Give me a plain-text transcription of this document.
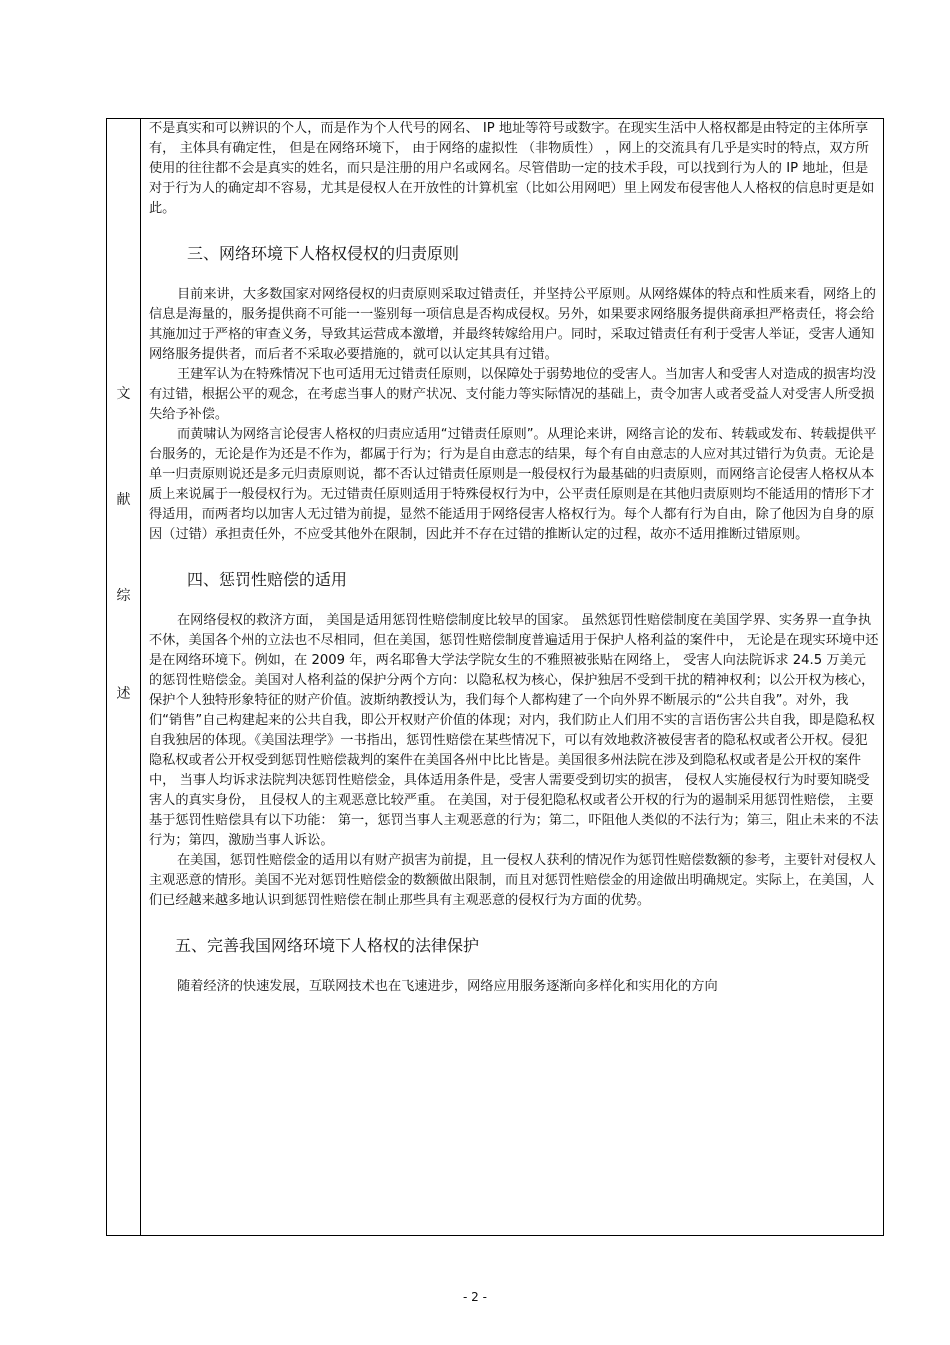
文
献
综
述

不是真实和可以辨识的个人，而是作为个人代号的网名、 IP 地址等符号或数字。在现实生活中人格权都是由特定的主体所享有， 主体具有确定性， 但是在网络环境下， 由于网络的虚拟性 （非物质性） ，网上的交流具有几乎是实时的特点，双方所使用的往往都不会是真实的姓名，而只是注册的用户名或网名。尽管借助一定的技术手段，可以找到行为人的 IP 地址，但是对于行为人的确定却不容易，尤其是侵权人在开放性的计算机室（比如公用网吧）里上网发布侵害他人人格权的信息时更是如此。

三、网络环境下人格权侵权的归责原则

目前来讲，大多数国家对网络侵权的归责原则采取过错责任，并坚持公平原则。从网络媒体的特点和性质来看，网络上的信息是海量的，服务提供商不可能一一鉴别每一项信息是否构成侵权。另外，如果要求网络服务提供商承担严格责任，将会给其施加过于严格的审查义务，导致其运营成本激增，并最终转嫁给用户。同时，采取过错责任有利于受害人举证，受害人通知网络服务提供者，而后者不采取必要措施的，就可以认定其具有过错。

王建军认为在特殊情况下也可适用无过错责任原则，以保障处于弱势地位的受害人。当加害人和受害人对造成的损害均没有过错，根据公平的观念，在考虑当事人的财产状况、支付能力等实际情况的基础上，责令加害人或者受益人对受害人所受损失给予补偿。

而黄啸认为网络言论侵害人格权的归责应适用“过错责任原则”。从理论来讲，网络言论的发布、转载或发布、转载提供平台服务的，无论是作为还是不作为，都属于行为；行为是自由意志的结果，每个有自由意志的人应对其过错行为负责。无论是单一归责原则说还是多元归责原则说，都不否认过错责任原则是一般侵权行为最基础的归责原则，而网络言论侵害人格权从本质上来说属于一般侵权行为。无过错责任原则适用于特殊侵权行为中，公平责任原则是在其他归责原则均不能适用的情形下才得适用，而两者均以加害人无过错为前提，显然不能适用于网络侵害人格权行为。每个人都有行为自由，除了他因为自身的原因（过错）承担责任外，不应受其他外在限制，因此并不存在过错的推断认定的过程，故亦不适用推断过错原则。

四、惩罚性赔偿的适用

在网络侵权的救济方面， 美国是适用惩罚性赔偿制度比较早的国家。 虽然惩罚性赔偿制度在美国学界、实务界一直争执不休，美国各个州的立法也不尽相同，但在美国，惩罚性赔偿制度普遍适用于保护人格利益的案件中， 无论是在现实环境中还是在网络环境下。例如，在 2009 年，两名耶鲁大学法学院女生的不雅照被张贴在网络上， 受害人向法院诉求 24.5 万美元的惩罚性赔偿金。美国对人格利益的保护分两个方向：以隐私权为核心，保护独居不受到干扰的精神权利；以公开权为核心，保护个人独特形象特征的财产价值。波斯纳教授认为，我们每个人都构建了一个向外界不断展示的“公共自我”。对外，我们“销售”自己构建起来的公共自我，即公开权财产价值的体现；对内，我们防止人们用不实的言语伤害公共自我，即是隐私权自我独居的体现。《美国法理学》一书指出，惩罚性赔偿在某些情况下，可以有效地救济被侵害者的隐私权或者公开权。侵犯隐私权或者公开权受到惩罚性赔偿裁判的案件在美国各州中比比皆是。美国很多州法院在涉及到隐私权或者是公开权的案件中， 当事人均诉求法院判决惩罚性赔偿金，具体适用条件是，受害人需要受到切实的损害， 侵权人实施侵权行为时要知晓受害人的真实身份， 且侵权人的主观恶意比较严重。 在美国，对于侵犯隐私权或者公开权的行为的遏制采用惩罚性赔偿， 主要基于惩罚性赔偿具有以下功能： 第一，惩罚当事人主观恶意的行为；第二，吓阻他人类似的不法行为；第三，阻止未来的不法行为；第四，激励当事人诉讼。

在美国，惩罚性赔偿金的适用以有财产损害为前提，且一侵权人获利的情况作为惩罚性赔偿数额的参考，主要针对侵权人主观恶意的情形。美国不光对惩罚性赔偿金的数额做出限制，而且对惩罚性赔偿金的用途做出明确规定。实际上，在美国，人们已经越来越多地认识到惩罚性赔偿在制止那些具有主观恶意的侵权行为方面的优势。

五、完善我国网络环境下人格权的法律保护

随着经济的快速发展，互联网技术也在飞速进步，网络应用服务逐渐向多样化和实用化的方向

- 2 -
